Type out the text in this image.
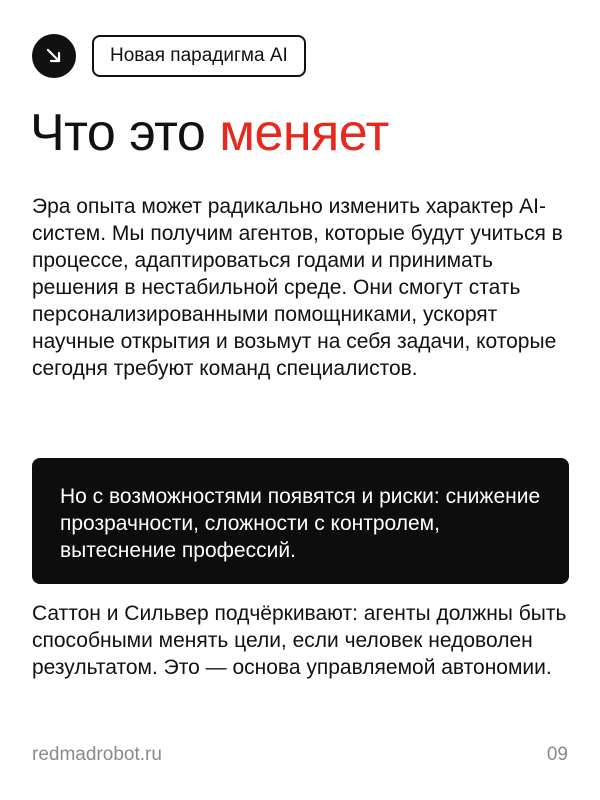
Новая парадигма AI
Что это меняет

Эра опыта может радикально изменить характер AI-систем. Мы получим агентов, которые будут учиться в процессе, адаптироваться годами и принимать решения в нестабильной среде. Они смогут стать персонализированными помощниками, ускорят научные открытия и возьмут на себя задачи, которые сегодня требуют команд специалистов.

Но с возможностями появятся и риски: снижение прозрачности, сложности с контролем, вытеснение профессий.

Саттон и Сильвер подчёркивают: агенты должны быть способными менять цели, если человек недоволен результатом. Это — основа управляемой автономии.

redmadrobot.ru	09
